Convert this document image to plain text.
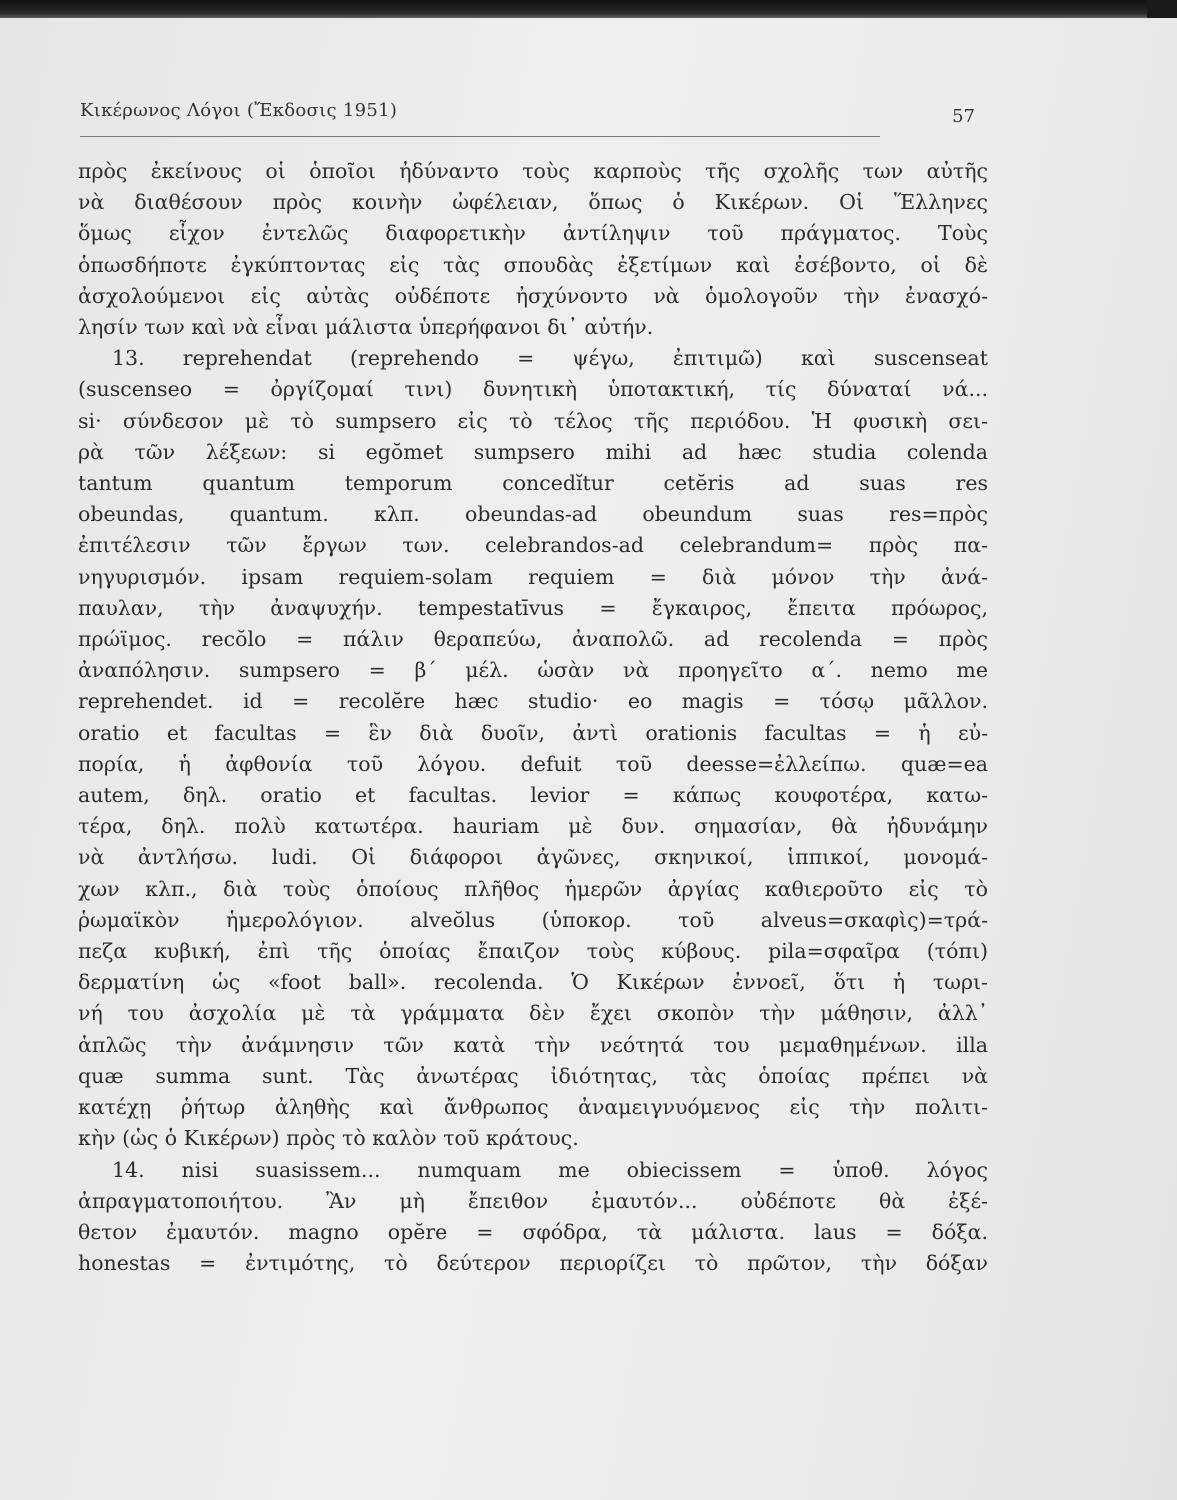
Κικέρωνος Λόγοι (Ἔκδοσις 1951)	57
πρὸς ἐκείνους οἱ ὁποῖοι ἠδύναντο τοὺς καρποὺς τῆς σχολῆς των αὐτῆς
νὰ διαθέσουν πρὸς κοινὴν ὠφέλειαν, ὅπως ὁ Κικέρων. Οἱ Ἕλληνες
ὅμως εἶχον ἐντελῶς διαφορετικὴν ἀντίληψιν τοῦ πράγματος. Τοὺς
ὁπωσδήποτε ἐγκύπτοντας εἰς τὰς σπουδὰς ἐξετίμων καὶ ἐσέβοντο, οἱ δὲ
ἀσχολούμενοι εἰς αὐτὰς οὐδέποτε ἠσχύνοντο νὰ ὁμολογοῦν τὴν ἐνασχό-
λησίν των καὶ νὰ εἶναι μάλιστα ὑπερήφανοι δι᾽ αὐτήν.
13. reprehendat (reprehendo = ψέγω, ἐπιτιμῶ) καὶ suscenseat
(suscenseo = ὀργίζομαί τινι) δυνητικὴ ὑποτακτική, τίς δύναταί νά...
si· σύνδεσον μὲ τὸ sumpsero εἰς τὸ τέλος τῆς περιόδου. Ἡ φυσικὴ σει-
ρὰ τῶν λέξεων: si egŏmet sumpsero mihi ad hæc studia colenda
tantum quantum temporum concedĭtur cetĕris ad suas res
obeundas, quantum. κλπ. obeundas-ad obeundum suas res=πρὸς
ἐπιτέλεσιν τῶν ἔργων των. celebrandos-ad celebrandum= πρὸς πα-
νηγυρισμόν. ipsam requiem-solam requiem = διὰ μόνον τὴν ἀνά-
παυλαν, τὴν ἀναψυχήν. tempestatīvus = ἔγκαιρος, ἔπειτα πρόωρος,
πρώϊμος. recŏlo = πάλιν θεραπεύω, ἀναπολῶ. ad recolenda = πρὸς
ἀναπόλησιν. sumpsero = β´ μέλ. ὡσὰν νὰ προηγεῖτο α´. nemo me
reprehendet. id = recolĕre hæc studio· eo magis = τόσῳ μᾶλλον.
oratio et facultas = ἓν διὰ δυοῖν, ἀντὶ orationis facultas = ἡ εὐ-
πορία, ἡ ἀφθονία τοῦ λόγου. defuit τοῦ deesse=ἐλλείπω. quæ=ea
autem, δηλ. oratio et facultas. levior = κάπως κουφοτέρα, κατω-
τέρα, δηλ. πολὺ κατωτέρα. hauriam μὲ δυν. σημασίαν, θὰ ἠδυνάμην
νὰ ἀντλήσω. ludi. Οἱ διάφοροι ἀγῶνες, σκηνικοί, ἱππικοί, μονομά-
χων κλπ., διὰ τοὺς ὁποίους πλῆθος ἡμερῶν ἀργίας καθιεροῦτο εἰς τὸ
ῥωμαϊκὸν ἡμερολόγιον. alveŏlus (ὑποκορ. τοῦ alveus=σκαφὶς)=τρά-
πεζα κυβική, ἐπὶ τῆς ὁποίας ἔπαιζον τοὺς κύβους. pila=σφαῖρα (τόπι)
δερματίνη ὡς «foot ball». recolenda. Ὁ Κικέρων ἐννοεῖ, ὅτι ἡ τωρι-
νή του ἀσχολία μὲ τὰ γράμματα δὲν ἔχει σκοπὸν τὴν μάθησιν, ἀλλ᾽
ἁπλῶς τὴν ἀνάμνησιν τῶν κατὰ τὴν νεότητά του μεμαθημένων. illa
quæ summa sunt. Τὰς ἀνωτέρας ἰδιότητας, τὰς ὁποίας πρέπει νὰ
κατέχῃ ῥήτωρ ἀληθὴς καὶ ἄνθρωπος ἀναμειγνυόμενος εἰς τὴν πολιτι-
κὴν (ὡς ὁ Κικέρων) πρὸς τὸ καλὸν τοῦ κράτους.
14. nisi suasissem... numquam me obiecissem = ὑποθ. λόγος
ἀπραγματοποιήτου. Ἂν μὴ ἔπειθον ἐμαυτόν... οὐδέποτε θὰ ἐξέ-
θετον ἐμαυτόν. magno opĕre = σφόδρα, τὰ μάλιστα. laus = δόξα.
honestas = ἐντιμότης, τὸ δεύτερον περιορίζει τὸ πρῶτον, τὴν δόξαν
